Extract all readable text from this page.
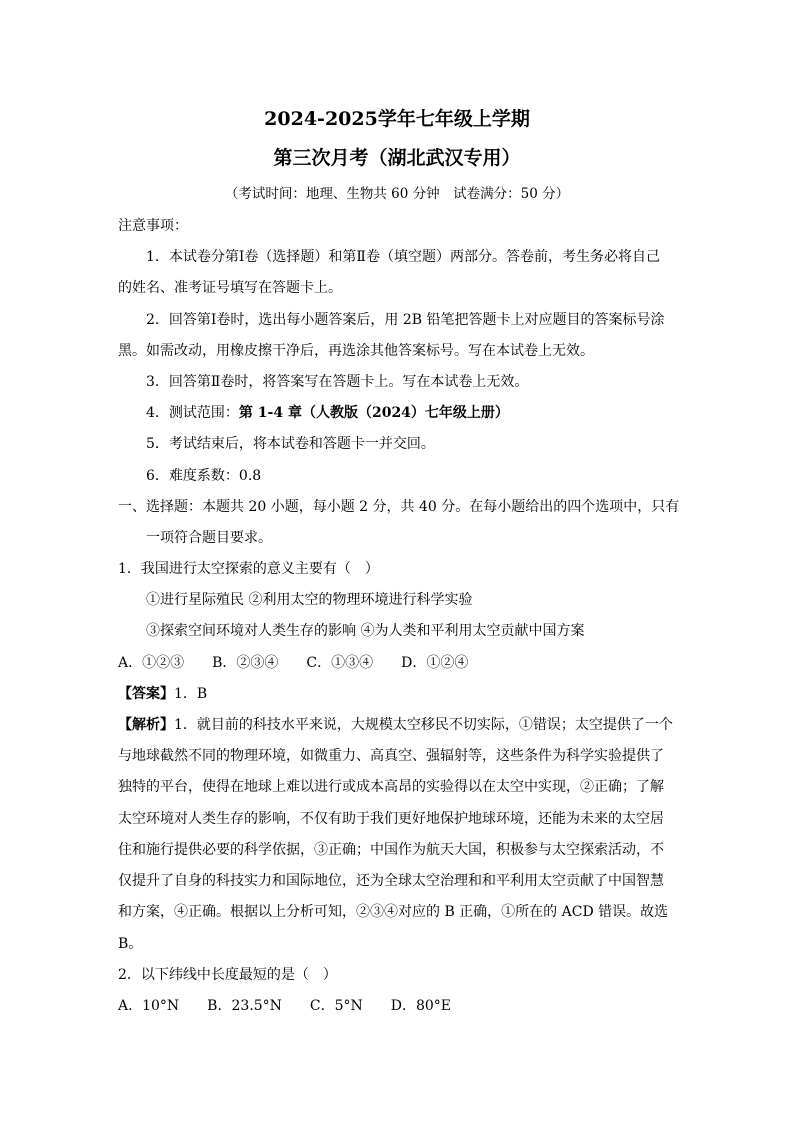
2024-2025学年七年级上学期
第三次月考（湖北武汉专用）
（考试时间：地理、生物共 60 分钟　试卷满分：50 分）
注意事项：
1．本试卷分第Ⅰ卷（选择题）和第Ⅱ卷（填空题）两部分。答卷前，考生务必将自己
的姓名、准考证号填写在答题卡上。
2．回答第Ⅰ卷时，选出每小题答案后，用 2B 铅笔把答题卡上对应题目的答案标号涂
黑。如需改动，用橡皮擦干净后，再选涂其他答案标号。写在本试卷上无效。
3．回答第Ⅱ卷时，将答案写在答题卡上。写在本试卷上无效。
4．测试范围：第 1-4 章（人教版（2024）七年级上册）
5．考试结束后，将本试卷和答题卡一并交回。
6．难度系数：0.8
一、选择题：本题共 20 小题，每小题 2 分，共 40 分。在每小题给出的四个选项中，只有
一项符合题目要求。
1．我国进行太空探索的意义主要有（　）
①进行星际殖民 ②利用太空的物理环境进行科学实验
③探索空间环境对人类生存的影响 ④为人类和平利用太空贡献中国方案
A．①②③　　B．②③④　　C．①③④　　D．①②④
【答案】1．B
【解析】1．就目前的科技水平来说，大规模太空移民不切实际，①错误；太空提供了一个
与地球截然不同的物理环境，如微重力、高真空、强辐射等，这些条件为科学实验提供了
独特的平台，使得在地球上难以进行或成本高昂的实验得以在太空中实现，②正确；了解
太空环境对人类生存的影响，不仅有助于我们更好地保护地球环境，还能为未来的太空居
住和施行提供必要的科学依据，③正确；中国作为航天大国，积极参与太空探索活动，不
仅提升了自身的科技实力和国际地位，还为全球太空治理和和平利用太空贡献了中国智慧
和方案，④正确。根据以上分析可知，②③④对应的 B 正确，①所在的 ACD 错误。故选
B。
2．以下纬线中长度最短的是（　）
A．10°N　　B．23.5°N　　C．5°N　　D．80°E
